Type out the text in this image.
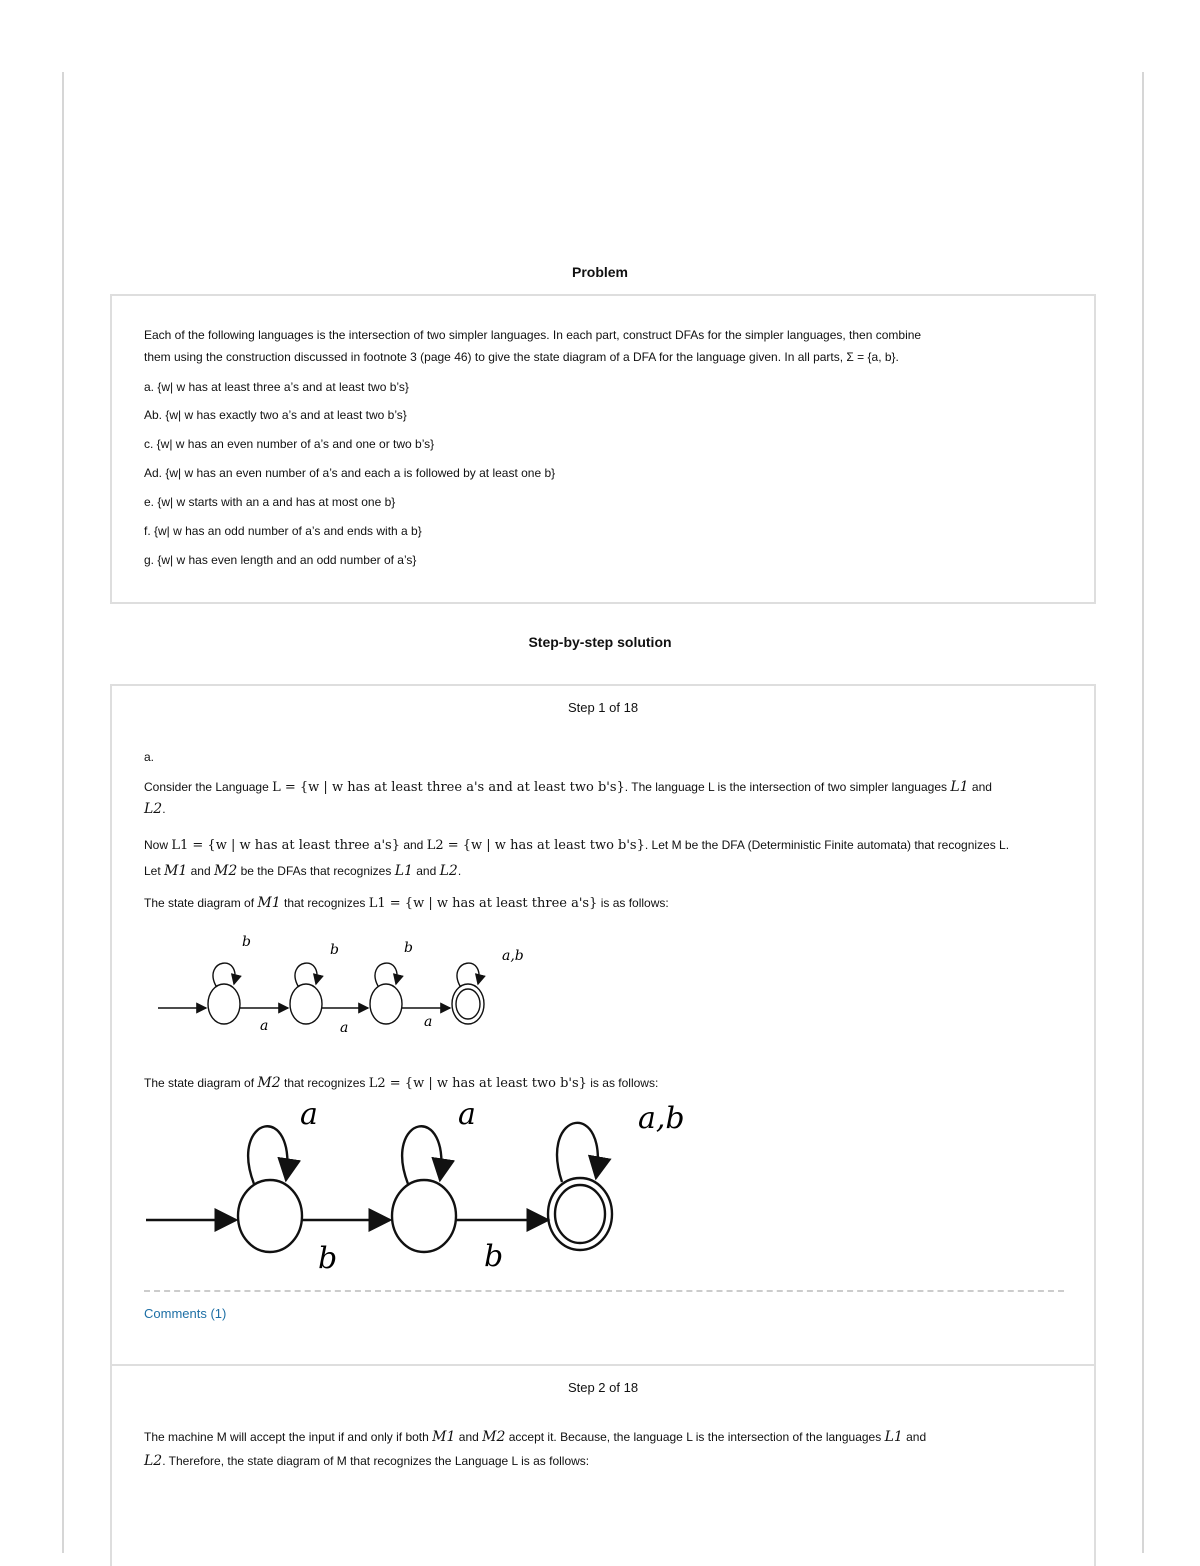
Problem

Each of the following languages is the intersection of two simpler languages. In each part, construct DFAs for the simpler languages, then combine

them using the construction discussed in footnote 3 (page 46) to give the state diagram of a DFA for the language given. In all parts, Σ = {a, b}.

a. {w| w has at least three a’s and at least two b’s}

Ab. {w| w has exactly two a’s and at least two b’s}

c. {w| w has an even number of a’s and one or two b’s}

Ad. {w| w has an even number of a’s and each a is followed by at least one b}

e. {w| w starts with an a and has at most one b}

f. {w| w has an odd number of a’s and ends with a b}

g. {w| w has even length and an odd number of a’s}

Step-by-step solution
Step 1 of 18
a.
Consider the Language L = {w | w has at least three a's and at least two b's}. The language L is the intersection of two simpler languages L1 and
L2.
Now L1 = {w | w has at least three a's} and L2 = {w | w has at least two b's}. Let M be the DFA (Deterministic Finite automata) that recognizes L.
Let M1 and M2 be the DFAs that recognizes L1 and L2.
The state diagram of M1 that recognizes L1 = {w | w has at least three a's} is as follows:
b
a
b
a
b
a
a,b
The state diagram of M2 that recognizes L2 = {w | w has at least two b's} is as follows:
a
b
a
b
a,b
Comments (1)
Step 2 of 18
The machine M will accept the input if and only if both M1 and M2 accept it. Because, the language L is the intersection of the languages L1 and
L2. Therefore, the state diagram of M that recognizes the Language L is as follows:
